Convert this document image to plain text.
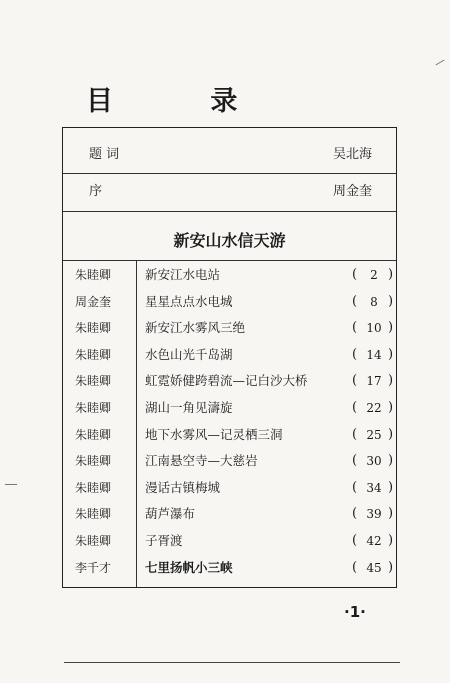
目 录
题 词	吴北海
序	周金奎
新安山水信天游
朱睦卿	新安江水电站	(	2 )
周金奎	星星点点水电城	(	8 )
朱睦卿	新安江水雾风三绝	( 10 )
朱睦卿	水色山光千岛湖	( 14 )
朱睦卿	虹霓娇健跨碧流—记白沙大桥	( 17 )
朱睦卿	湖山一角见濤旋	( 22 )
朱睦卿	地下水雾风—记灵栖三洞	( 25 )
朱睦卿	江南悬空寺—大慈岩	( 30 )
朱睦卿	漫话古镇梅城	( 34 )
朱睦卿	葫芦瀑布	( 39 )
朱睦卿	子胥渡	( 42 )
李千才	七里扬帆小三峡	( 45 )
·1·
